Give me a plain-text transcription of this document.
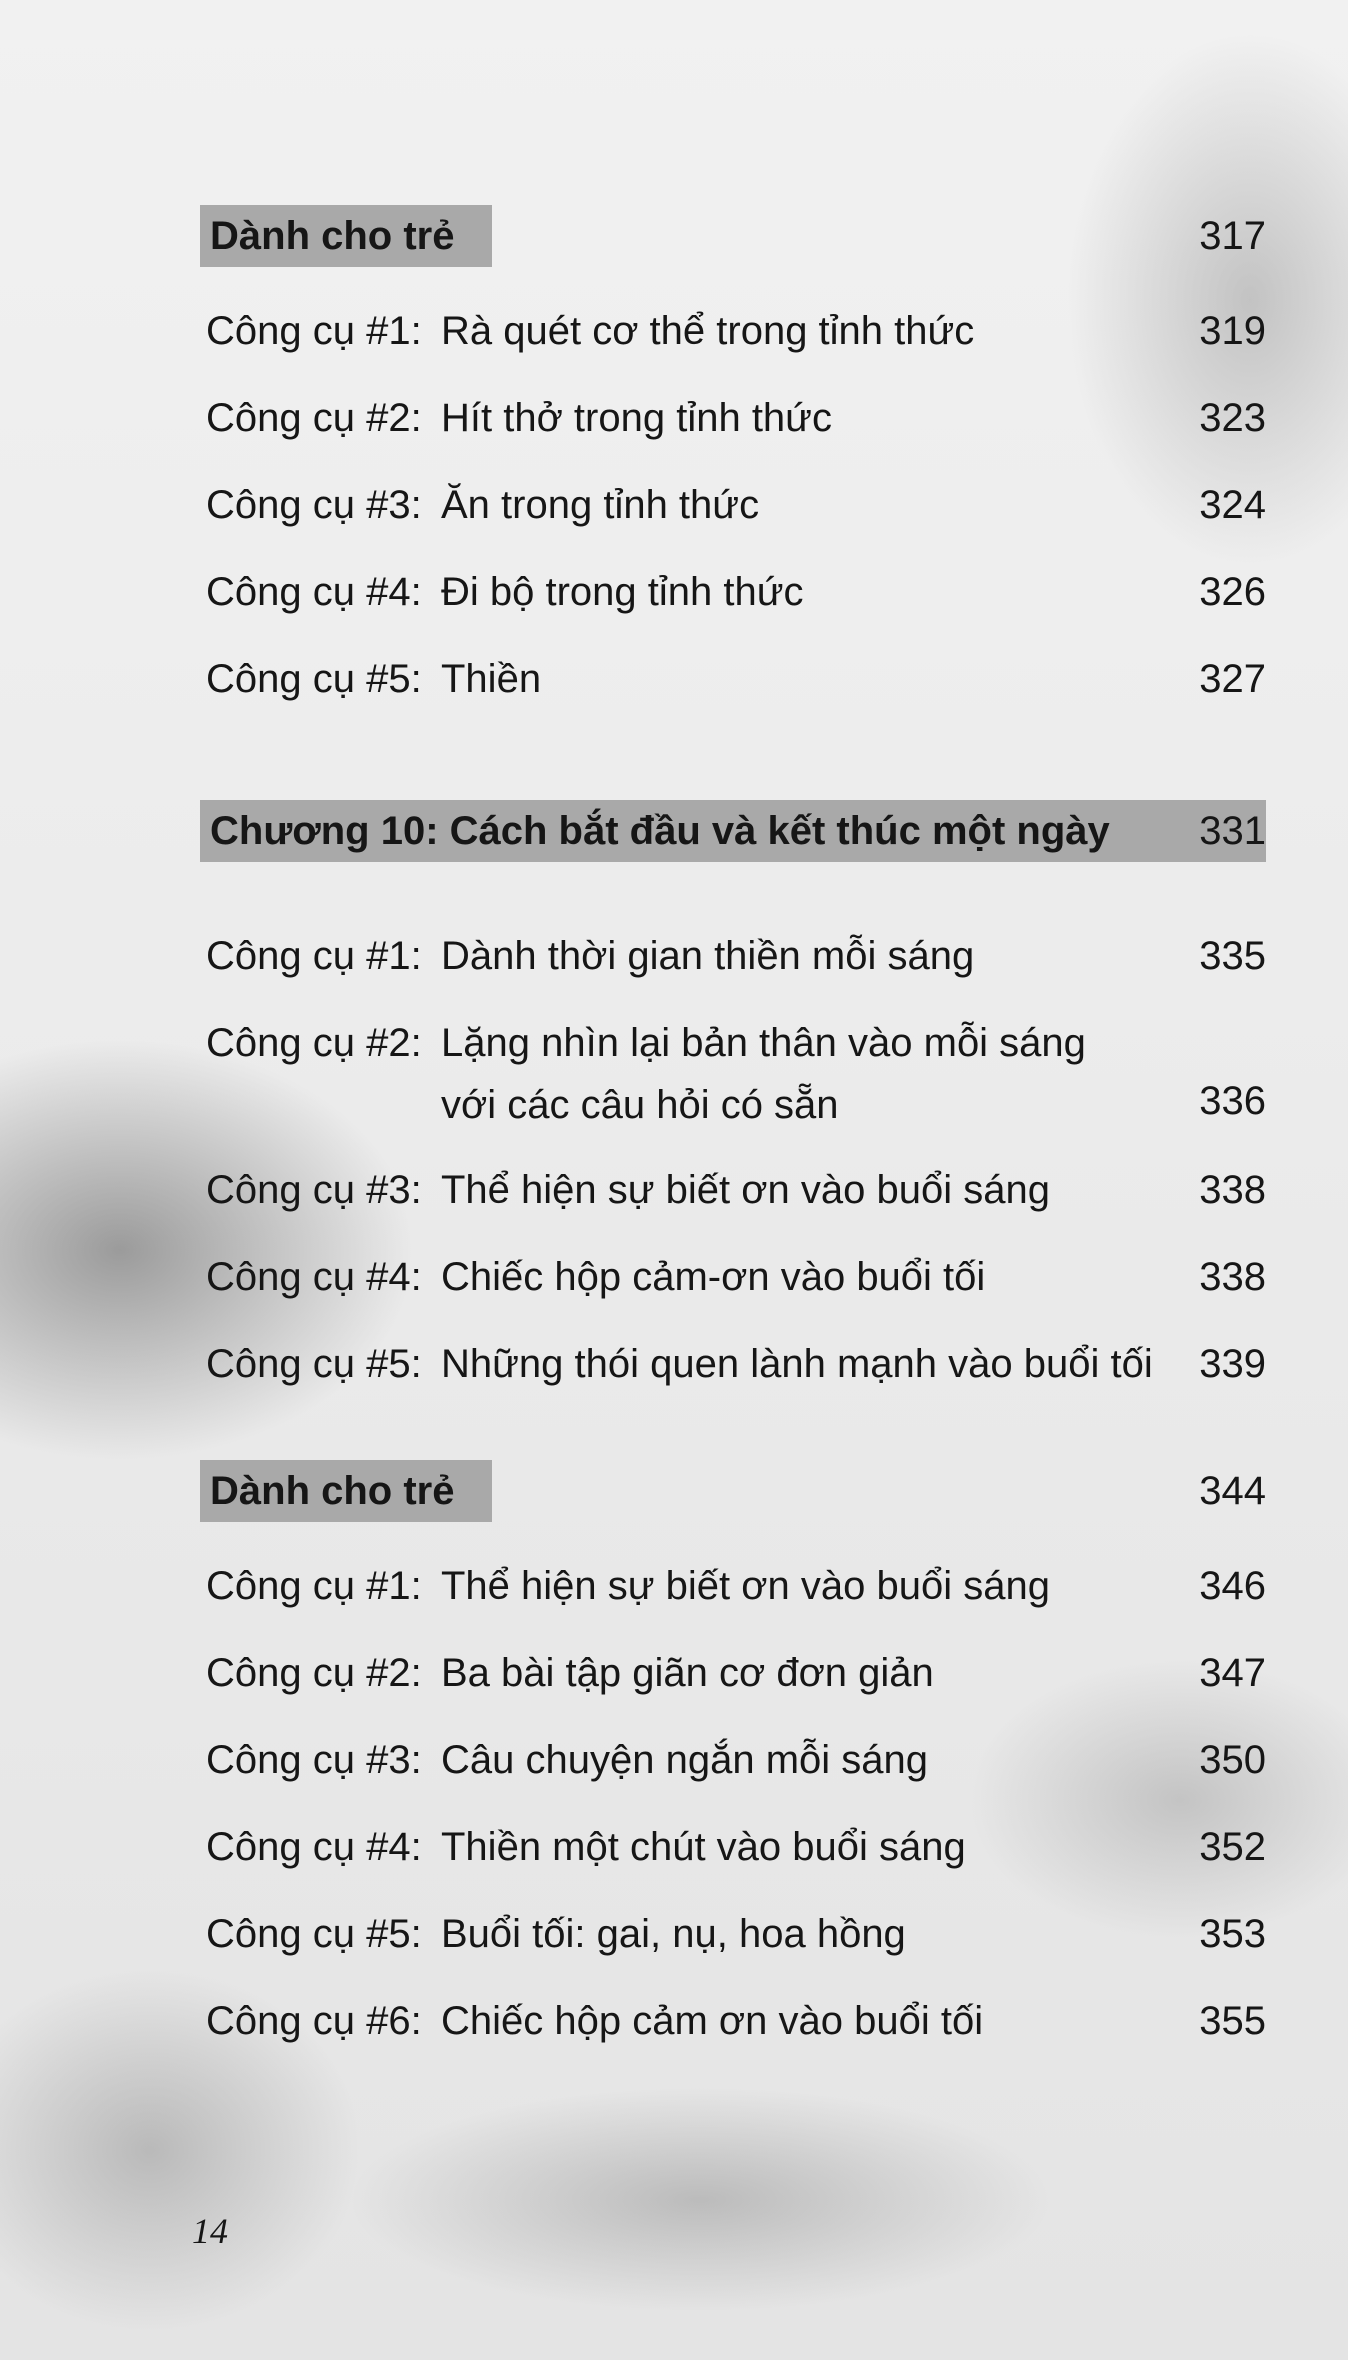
Dành cho trẻ	317
Công cụ #1: Rà quét cơ thể trong tỉnh thức	319
Công cụ #2: Hít thở trong tỉnh thức	323
Công cụ #3: Ăn trong tỉnh thức	324
Công cụ #4: Đi bộ trong tỉnh thức	326
Công cụ #5: Thiền	327
Chương 10: Cách bắt đầu và kết thúc một ngày 331
Công cụ #1: Dành thời gian thiền mỗi sáng	335
Công cụ #2: Lặng nhìn lại bản thân vào mỗi sáng
với các câu hỏi có sẵn	336
Công cụ #3: Thể hiện sự biết ơn vào buổi sáng	338
Công cụ #4: Chiếc hộp cảm-ơn vào buổi tối	338
Công cụ #5: Những thói quen lành mạnh vào buổi tối 339
Dành cho trẻ	344
Công cụ #1: Thể hiện sự biết ơn vào buổi sáng	346
Công cụ #2: Ba bài tập giãn cơ đơn giản	347
Công cụ #3: Câu chuyện ngắn mỗi sáng	350
Công cụ #4: Thiền một chút vào buổi sáng	352
Công cụ #5: Buổi tối: gai, nụ, hoa hồng	353
Công cụ #6: Chiếc hộp cảm ơn vào buổi tối	355
14
